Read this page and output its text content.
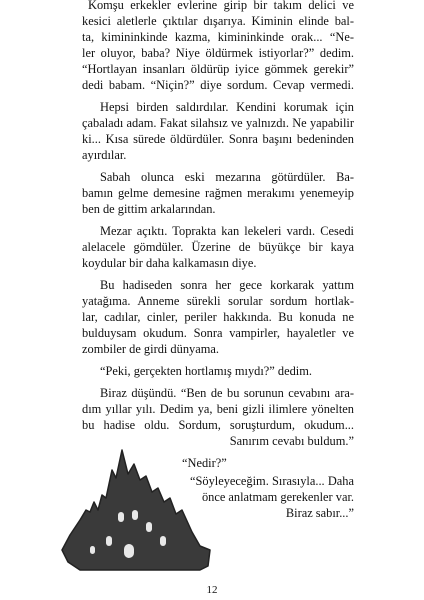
Komşu erkekler evlerine girip bir takım delici ve
kesici aletlerle çıktılar dışarıya. Kiminin elinde bal-
ta, kimininkinde kazma, kimininkinde orak... “Ne-
ler oluyor, baba? Niye öldürmek istiyorlar?” dedim.
“Hortlayan insanları öldürüp iyice gömmek gerekir”
dedi babam. “Niçin?” diye sordum. Cevap vermedi.
Hepsi birden saldırdılar. Kendini korumak için
çabaladı adam. Fakat silahsız ve yalnızdı. Ne yapabilir
ki... Kısa sürede öldürdüler. Sonra başını bedeninden
ayırdılar.
Sabah olunca eski mezarına götürdüler. Ba-
bamın gelme demesine rağmen merakımı yenemeyip
ben de gittim arkalarından.
Mezar açıktı. Toprakta kan lekeleri vardı. Cesedi
alelacele gömdüler. Üzerine de büyükçe bir kaya
koydular bir daha kalkamasın diye.
Bu hadiseden sonra her gece korkarak yattım
yatağıma. Anneme sürekli sorular sordum hortlak-
lar, cadılar, cinler, periler hakkında. Bu konuda ne
bulduysam okudum. Sonra vampirler, hayaletler ve
zombiler de girdi dünyama.
“Peki, gerçekten hortlamış mıydı?” dedim.
Biraz düşündü. “Ben de bu sorunun cevabını ara-
dım yıllar yılı. Dedim ya, beni gizli ilimlere yönelten
bu hadise oldu. Sordum, soruşturdum, okudum...
Sanırım cevabı buldum.”
“Nedir?”
“Söyleyeceğim. Sırasıyla... Daha
önce anlatmam gerekenler var.
Biraz sabır...”
12
